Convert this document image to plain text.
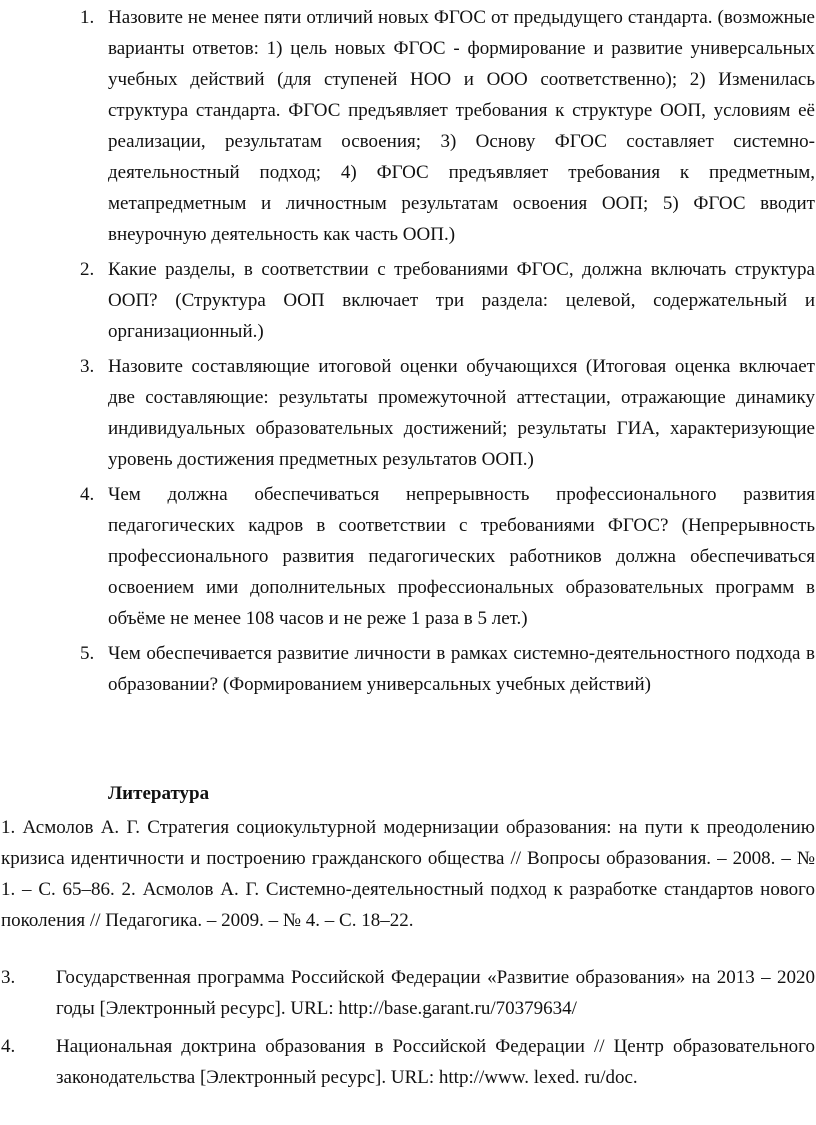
1. Назовите не менее пяти отличий новых ФГОС от предыдущего стандарта. (возможные варианты ответов: 1) цель новых ФГОС - формирование и развитие универсальных учебных действий (для ступеней НОО и ООО соответственно); 2) Изменилась структура стандарта. ФГОС предъявляет требования к структуре ООП, условиям её реализации, результатам освоения; 3) Основу ФГОС составляет системно-деятельностный подход; 4) ФГОС предъявляет требования к предметным, метапредметным и личностным результатам освоения ООП; 5) ФГОС вводит внеурочную деятельность как часть ООП.)
2. Какие разделы, в соответствии с требованиями ФГОС, должна включать структура ООП? (Структура ООП включает три раздела: целевой, содержательный и организационный.)
3. Назовите составляющие итоговой оценки обучающихся (Итоговая оценка включает две составляющие: результаты промежуточной аттестации, отражающие динамику индивидуальных образовательных достижений; результаты ГИА, характеризующие уровень достижения предметных результатов ООП.)
4. Чем должна обеспечиваться непрерывность профессионального развития педагогических кадров в соответствии с требованиями ФГОС? (Непрерывность профессионального развития педагогических работников должна обеспечиваться освоением ими дополнительных профессиональных образовательных программ в объёме не менее 108 часов и не реже 1 раза в 5 лет.)
5. Чем обеспечивается развитие личности в рамках системно-деятельностного подхода в образовании? (Формированием универсальных учебных действий)
Литература

1. Асмолов А. Г. Стратегия социокультурной модернизации образования: на пути к преодолению кризиса идентичности и построению гражданского общества // Вопросы образования. – 2008. – № 1. – С. 65–86. 2. Асмолов А. Г. Системно-деятельностный подход к разработке стандартов нового поколения // Педагогика. – 2009. – № 4. – С. 18–22.

3. Государственная программа Российской Федерации «Развитие образования» на 2013 – 2020 годы [Электронный ресурс]. URL: http://base.garant.ru/70379634/
4. Национальная доктрина образования в Российской Федерации // Центр образовательного законодательства [Электронный ресурс]. URL: http://www. lexed. ru/doc.
